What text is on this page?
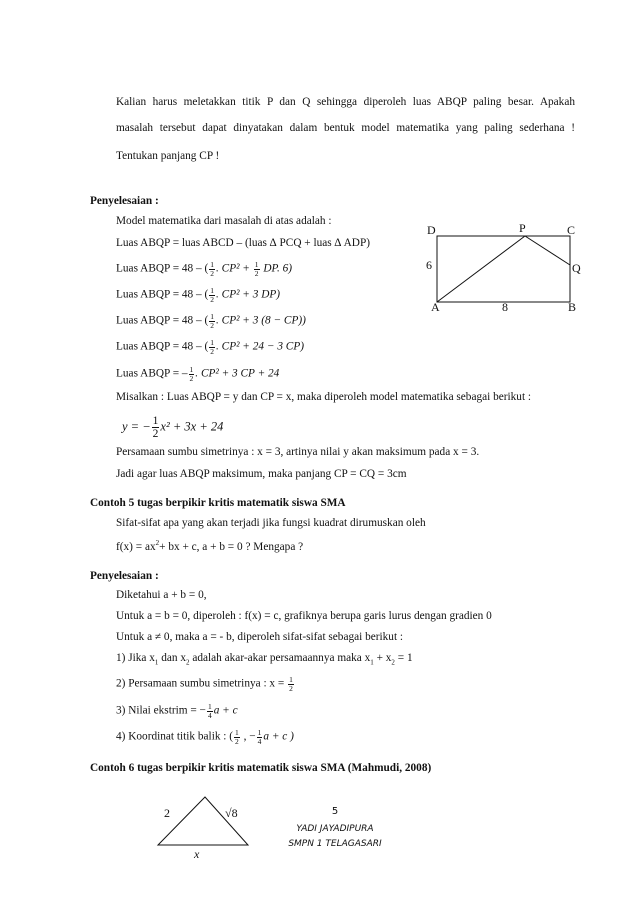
Kalian harus meletakkan titik P dan Q sehingga diperoleh luas ABQP paling besar. Apakah
masalah tersebut dapat dinyatakan dalam bentuk model matematika yang paling sederhana !
Tentukan panjang CP !
Penyelesaian :
Model matematika dari masalah di atas adalah :
Luas ABQP = luas ABCD – (luas ∆ PCQ + luas ∆ ADP)
Luas ABQP = 48 – ( $\frac{1}{2}$ . $CP^2 + \frac{1}{2}$ DP. 6)
Luas ABQP = 48 – ( $\frac{1}{2}$ . CP² + 3 DP)
Luas ABQP = 48 – ( $\frac{1}{2}$ . CP² + 3 (8 − CP))
Luas ABQP = 48 – ( $\frac{1}{2}$ . CP² + 24 − 3 CP)
Luas ABQP = – $\frac{1}{2}$ . CP² + 3 CP + 24
Misalkan : Luas ABQP = y dan CP = x, maka diperoleh model matematika sebagai berikut :
y = − $\frac{1}{2} x^2 + 3x + 24$
Persamaan sumbu simetrinya : x = 3, artinya nilai y akan maksimum pada x = 3.
Jadi agar luas ABQP maksimum, maka panjang CP = CQ = 3cm
D	P	C
Q
A	B
6
8
Contoh 5 tugas berpikir kritis matematik siswa SMA
Sifat-sifat apa yang akan terjadi jika fungsi kuadrat dirumuskan oleh
$f(x) = ax^2+$ bx + c, a + b = 0 ? Mengapa ?
Penyelesaian :
Diketahui a + b = 0,
Untuk a = b = 0, diperoleh : f(x) = c, grafiknya berupa garis lurus dengan gradien 0
Untuk a ≠ 0, maka a = - b, diperoleh sifat-sifat sebagai berikut :
1) Jika $x_1$ dan $x_2$ adalah akar-akar persamaannya maka $x_1 + x_2 = 1$
2) Persamaan sumbu simetrinya : $x = \frac{1}{2}$
3) Nilai ekstrim = − $\frac{1}{4}$ a + c
4) Koordinat titik balik : ( $\frac{1}{2}$ , − $\frac{1}{4}$ a + c )
Contoh 6 tugas berpikir kritis matematik siswa SMA (Mahmudi, 2008)
2	√8
x
5
YADI JAYADIPURA
SMPN 1 TELAGASARI
